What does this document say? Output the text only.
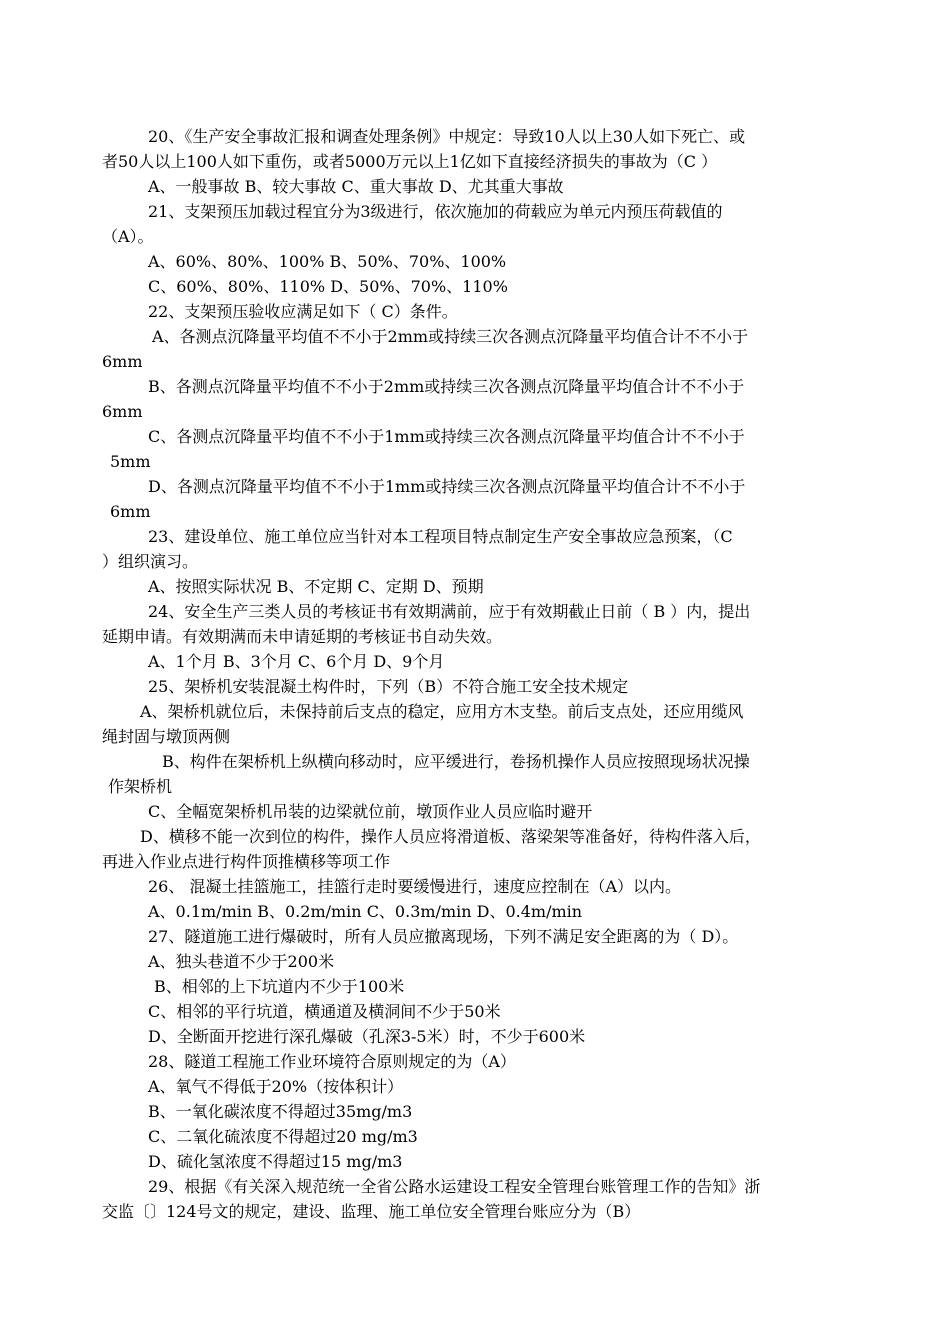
20、《生产安全事故汇报和调查处理条例》中规定：导致10人以上30人如下死亡、或
者50人以上100人如下重伤，或者5000万元以上1亿如下直接经济损失的事故为（C ）
A、一般事故 B、较大事故 C、重大事故 D、尤其重大事故
21、支架预压加载过程宜分为3级进行，依次施加的荷载应为单元内预压荷载值的
（A）。
A、60%、80%、100% B、50%、70%、100%
C、60%、80%、110% D、50%、70%、110%
22、支架预压验收应满足如下（ C）条件。
A、各测点沉降量平均值不不小于2mm或持续三次各测点沉降量平均值合计不不小于
6mm
B、各测点沉降量平均值不不小于2mm或持续三次各测点沉降量平均值合计不不小于
6mm
C、各测点沉降量平均值不不小于1mm或持续三次各测点沉降量平均值合计不不小于
5mm
D、各测点沉降量平均值不不小于1mm或持续三次各测点沉降量平均值合计不不小于
6mm
23、建设单位、施工单位应当针对本工程项目特点制定生产安全事故应急预案，（C
）组织演习。
A、按照实际状况 B、不定期 C、定期 D、预期
24、安全生产三类人员的考核证书有效期满前，应于有效期截止日前（ B ）内，提出
延期申请。有效期满而未申请延期的考核证书自动失效。
A、1个月 B、3个月 C、6个月 D、9个月
25、架桥机安装混凝土构件时，下列（B）不符合施工安全技术规定
A、架桥机就位后，未保持前后支点的稳定，应用方木支垫。前后支点处，还应用缆风
绳封固与墩顶两侧
B、构件在架桥机上纵横向移动时，应平缓进行，卷扬机操作人员应按照现场状况操
作架桥机
C、全幅宽架桥机吊装的边梁就位前，墩顶作业人员应临时避开
D、横移不能一次到位的构件，操作人员应将滑道板、落梁架等准备好，待构件落入后，
再进入作业点进行构件顶推横移等项工作
26、 混凝土挂篮施工，挂篮行走时要缓慢进行，速度应控制在（A）以内。
A、0.1m/min B、0.2m/min C、0.3m/min D、0.4m/min
27、隧道施工进行爆破时，所有人员应撤离现场，下列不满足安全距离的为（ D）。
A、独头巷道不少于200米
B、相邻的上下坑道内不少于100米
C、相邻的平行坑道，横通道及横洞间不少于50米
D、全断面开挖进行深孔爆破（孔深3-5米）时，不少于600米
28、隧道工程施工作业环境符合原则规定的为（A）
A、氧气不得低于20%（按体积计）
B、一氧化碳浓度不得超过35mg/m3
C、二氧化硫浓度不得超过20 mg/m3
D、硫化氢浓度不得超过15 mg/m3
29、根据《有关深入规范统一全省公路水运建设工程安全管理台账管理工作的告知》浙
交监〔〕124号文的规定，建设、监理、施工单位安全管理台账应分为（B）
